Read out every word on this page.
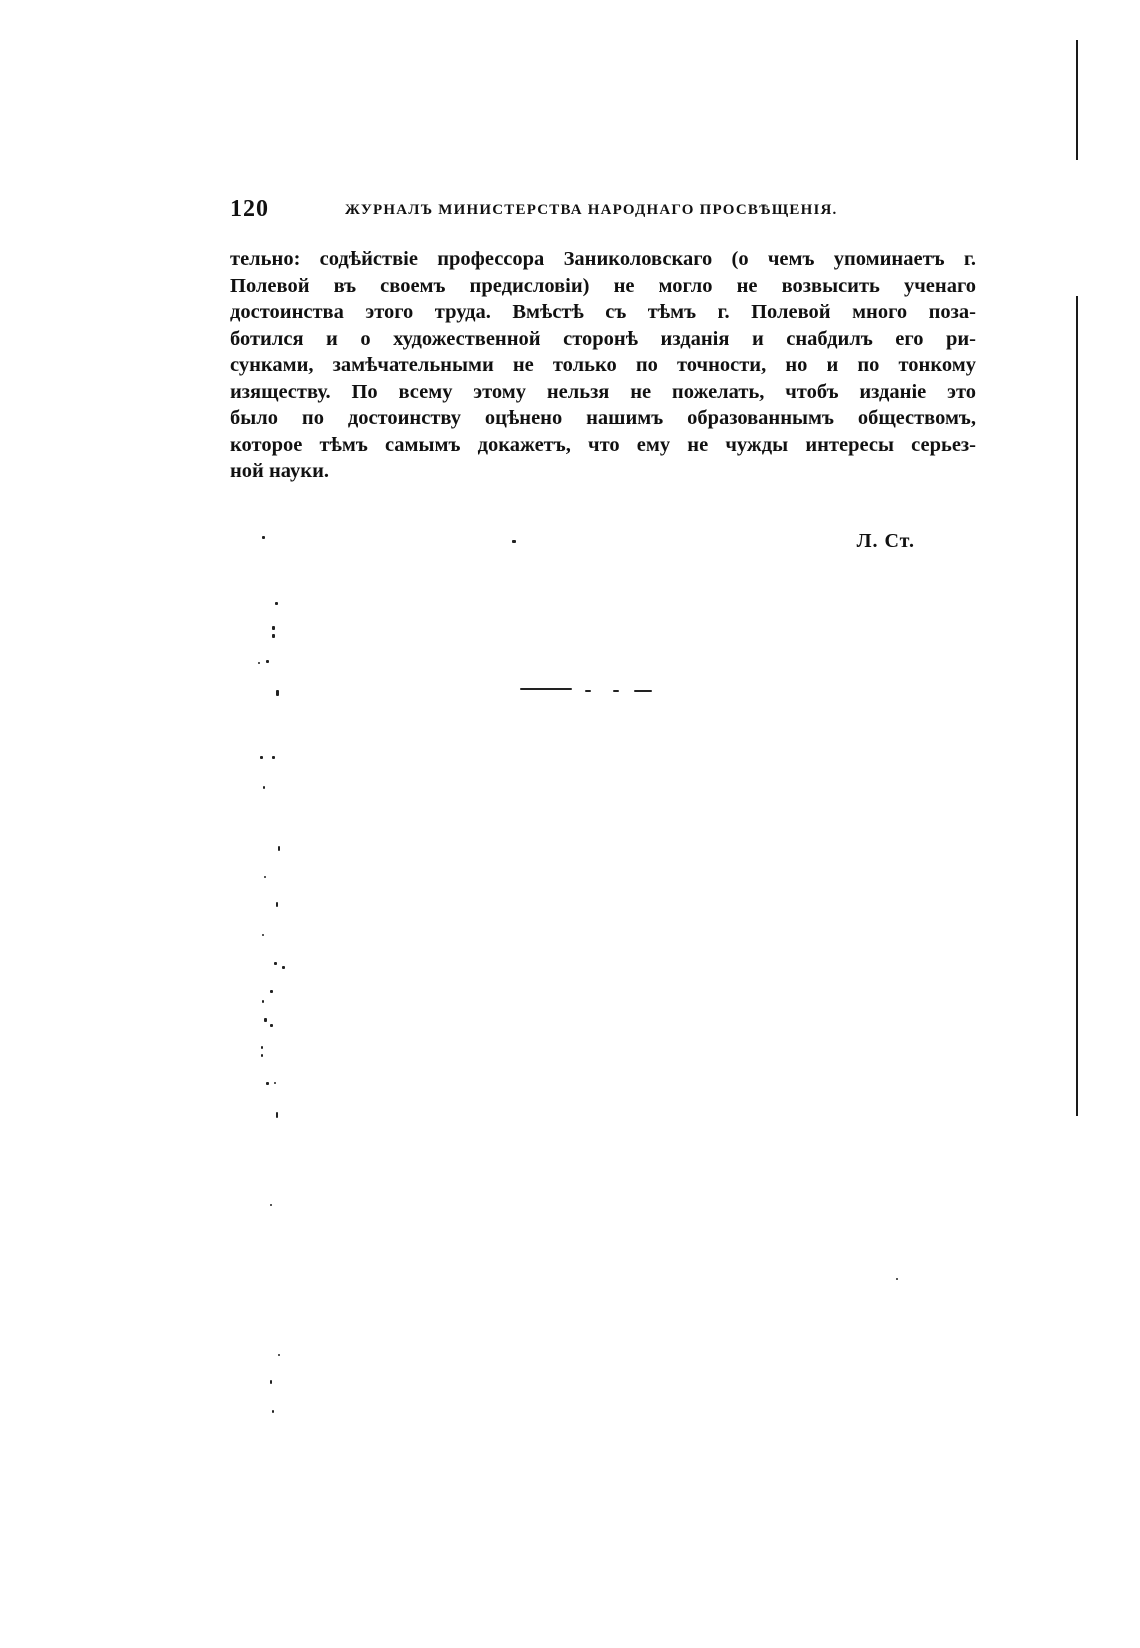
120	ЖУРНАЛЪ МИНИСТЕРСТВА НАРОДНАГО ПРОСВѢЩЕНІЯ.
тельно: содѣйствіе профессора Заниколовскаго (о чемъ упоминаетъ г.
Полевой въ своемъ предисловіи) не могло не возвысить ученаго
достоинства этого труда. Вмѣстѣ съ тѣмъ г. Полевой много поза-
ботился и о художественной сторонѣ изданія и снабдилъ его ри-
сунками, замѣчательными не только по точности, но и по тонкому
изяществу. По всему этому нельзя не пожелать, чтобъ изданіе это
было по достоинству оцѣнено нашимъ образованнымъ обществомъ,
которое тѣмъ самымъ докажетъ, что ему не чужды интересы серьез-
ной науки.
Л. Ст.
